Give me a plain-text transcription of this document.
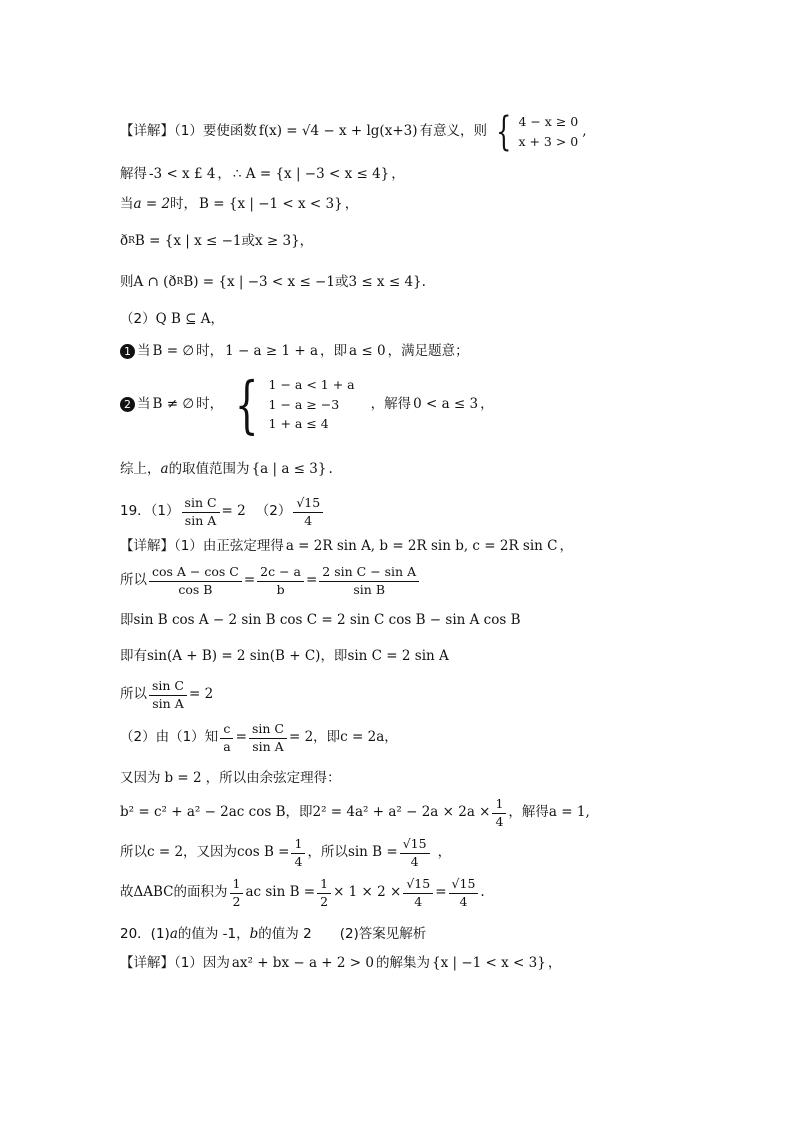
【详解】（1）要使函数 f(x) = √4 − x + lg(x+3) 有意义，则 { 4 − x ≥ 0
x + 3 > 0
,
解得 -3 < x £ 4 ， ∴ A = {x | −3 < x ≤ 4} ，
当 a = 2 时， B = {x | −1 < x < 3} ，
ð R B = {x | x ≤ −1 或 x ≥ 3} ，
则 A ∩ (ð R B) = {x | −3 < x ≤ −1 或 3 ≤ x ≤ 4} .
（2） Q B ⊆ A ，
1 当 B = ∅ 时， 1 − a ≥ 1 + a ，即 a ≤ 0 ，满足题意；
2 当 B ≠ ∅ 时， { 1 − a < 1 + a
1 − a ≥ −3
1 + a ≤ 4
，解得 0 < a ≤ 3 ，
综上， a 的取值范围为 {a | a ≤ 3} .
19．$(1) \frac{\text{sin C}}{\text{sin A}} = 2$ $(2) \frac{√15}{4}$
【详解】（1）由正弦定理得 a = 2R sin A, b = 2R sin b, c = 2R sin C ，
所以 $\frac{\text{cos A − cos C}}{\text{cos B}} = \frac{2c - a}{b} = \frac{\text{2 sin C − sin A}}{\text{sin B}}$
即 sin B cos A − 2 sin B cos C = 2 sin C cos B − sin A cos B
即有 sin(A + B) = 2 sin(B + C) ，即 sin C = 2 sin A
所以 $\frac{\text{sin C}}{\text{sin A}} = 2$
（2）由（1）知 $\frac{c}{a} = \frac{\text{sin C}}{\text{sin A}} = 2$ ，即 c = 2a ，
又因为 b = 2 ，所以由余弦定理得：
b² = c² + a² − 2ac cos B ，即 $2^2 = 4a^2 + a^2 - 2a \times 2a \times \frac{1}{4}$ ，解得 a = 1 ,
所以 c = 2 ，又因为 $\cos B = \frac{1}{4}$ ，所以 $\sin B = \frac{√15}{4}$ ，
故 ΔABC 的面积为 $\frac{1}{2}$ ac $\sin B = \frac{1}{2} \times 1 \times 2 \times \frac{√15}{4} = \frac{√15}{4}$ .
20．(1) a 的值为 -1， b 的值为 2 (2)答案见解析
【详解】（1）因为 ax² + bx − a + 2 > 0 的解集为 {x | −1 < x < 3} ，
